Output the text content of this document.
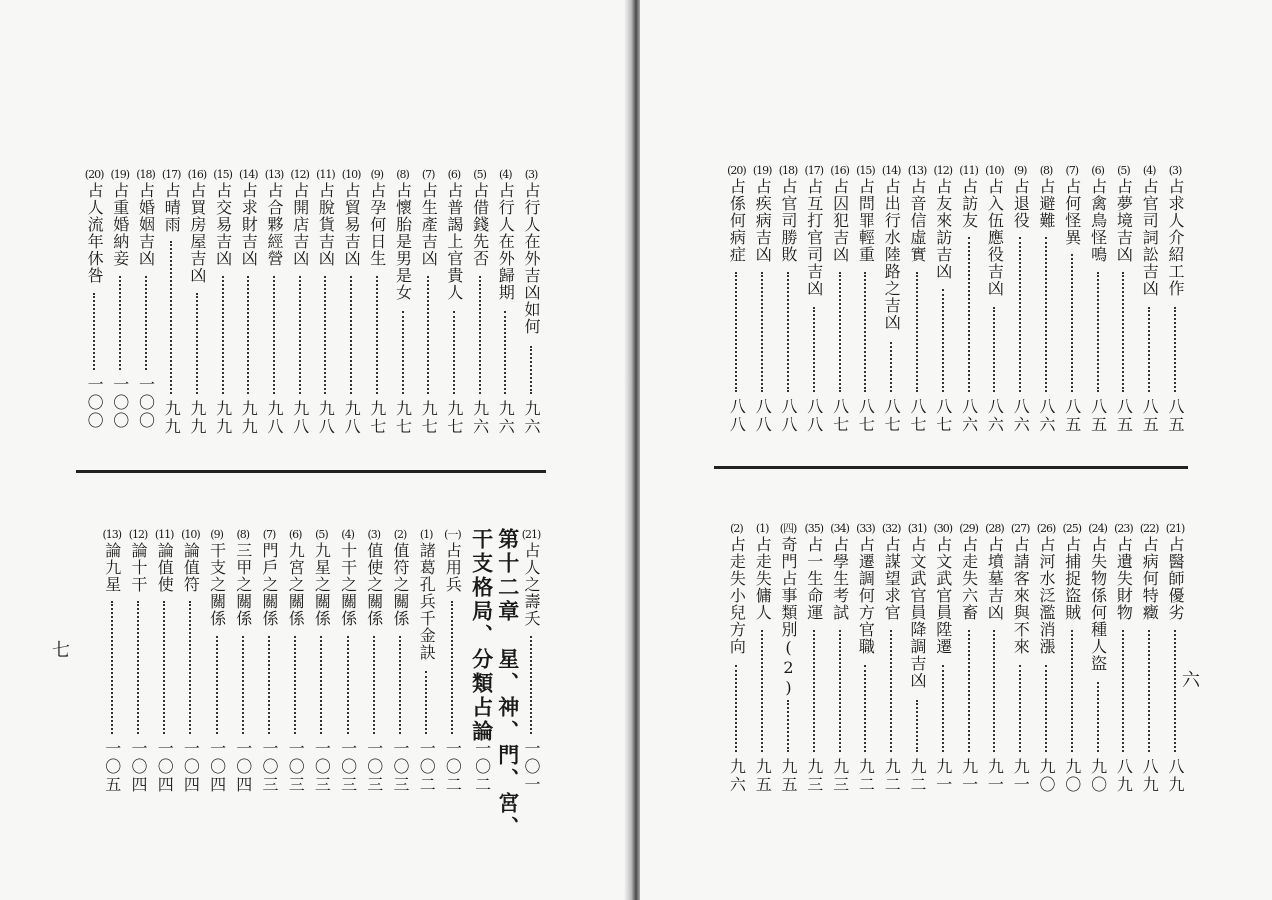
(3)
占行人在外吉凶如何
九六
(4)
占行人在外歸期
九六
(5)
占借錢先否
九六
(6)
占普謁上官貴人
九七
(7)
占生產吉凶
九七
(8)
占懷胎是男是女
九七
(9)
占孕何日生
九七
(10)
占貿易吉凶
九八
(11)
占脫貨吉凶
九八
(12)
占開店吉凶
九八
(13)
占合夥經營
九八
(14)
占求財吉凶
九九
(15)
占交易吉凶
九九
(16)
占買房屋吉凶
九九
(17)
占晴雨
九九
(18)
占婚姻吉凶
一〇〇
(19)
占重婚納妾
一〇〇
(20)
占人流年休咎
一〇〇
(21)
占人之壽夭
一〇一
第十二章　星、神、門、宮、
干支格局、分類占論
一〇二
(一)
占用兵
一〇二
(1)
諸葛孔兵千金訣
一〇二
(2)
值符之關係
一〇三
(3)
值使之關係
一〇三
(4)
十干之關係
一〇三
(5)
九星之關係
一〇三
(6)
九宮之關係
一〇三
(7)
門戶之關係
一〇三
(8)
三甲之關係
一〇四
(9)
干支之關係
一〇四
(10)
論值符
一〇四
(11)
論值使
一〇四
(12)
論十干
一〇四
(13)
論九星
一〇五
七
(3)
占求人介紹工作
八五
(4)
占官司詞訟吉凶
八五
(5)
占夢境吉凶
八五
(6)
占禽鳥怪鳴
八五
(7)
占何怪異
八五
(8)
占避難
八六
(9)
占退役
八六
(10)
占入伍應役吉凶
八六
(11)
占訪友
八六
(12)
占友來訪吉凶
八七
(13)
占音信虛實
八七
(14)
占出行水陸路之吉凶
八七
(15)
占問罪輕重
八七
(16)
占囚犯吉凶
八七
(17)
占互打官司吉凶
八八
(18)
占官司勝敗
八八
(19)
占疾病吉凶
八八
(20)
占係何病症
八八
(21)
占醫師優劣
八九
(22)
占病何特癥
八九
(23)
占遺失財物
八九
(24)
占失物係何種人盜
九〇
(25)
占捕捉盜賊
九〇
(26)
占河水泛濫消漲
九〇
(27)
占請客來與不來
九一
(28)
占墳墓吉凶
九一
(29)
占走失六畜
九一
(30)
占文武官員陞遷
九一
(31)
占文武官員降調吉凶
九二
(32)
占謀望求官
九二
(33)
占遷調何方官職
九二
(34)
占學生考試
九三
(35)
占一生命運
九三
(四)
奇門占事類別(2)
九五
(1)
占走失傭人
九五
(2)
占走失小兒方向
九六
六
